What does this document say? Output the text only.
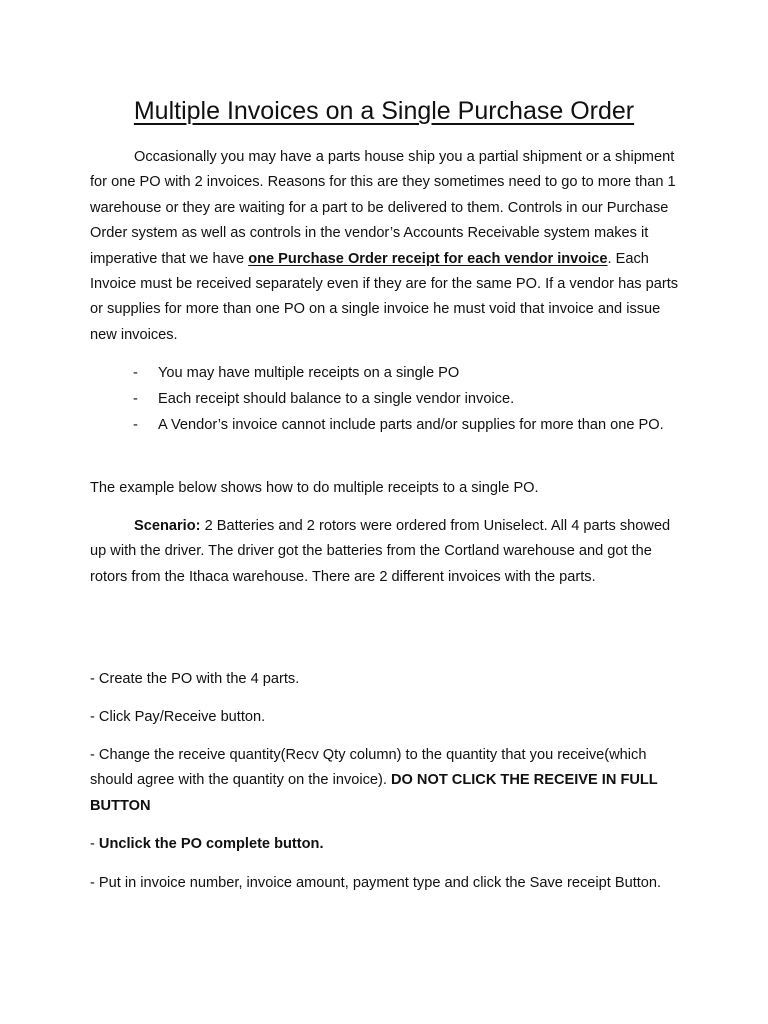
Multiple Invoices on a Single Purchase Order

Occasionally you may have a parts house ship you a partial shipment or a shipment for one PO with 2 invoices. Reasons for this are they sometimes need to go to more than 1 warehouse or they are waiting for a part to be delivered to them. Controls in our Purchase Order system as well as controls in the vendor’s Accounts Receivable system makes it imperative that we have one Purchase Order receipt for each vendor invoice. Each Invoice must be received separately even if they are for the same PO. If a vendor has parts or supplies for more than one PO on a single invoice he must void that invoice and issue new invoices.

- You may have multiple receipts on a single PO
- Each receipt should balance to a single vendor invoice.
- A Vendor’s invoice cannot include parts and/or supplies for more than one PO.

The example below shows how to do multiple receipts to a single PO.

Scenario: 2 Batteries and 2 rotors were ordered from Uniselect. All 4 parts showed up with the driver. The driver got the batteries from the Cortland warehouse and got the rotors from the Ithaca warehouse. There are 2 different invoices with the parts.

- Create the PO with the 4 parts.

- Click Pay/Receive button.

- Change the receive quantity(Recv Qty column) to the quantity that you receive(which should agree with the quantity on the invoice). DO NOT CLICK THE RECEIVE IN FULL BUTTON

- Unclick the PO complete button.

- Put in invoice number, invoice amount, payment type and click the Save receipt Button.
